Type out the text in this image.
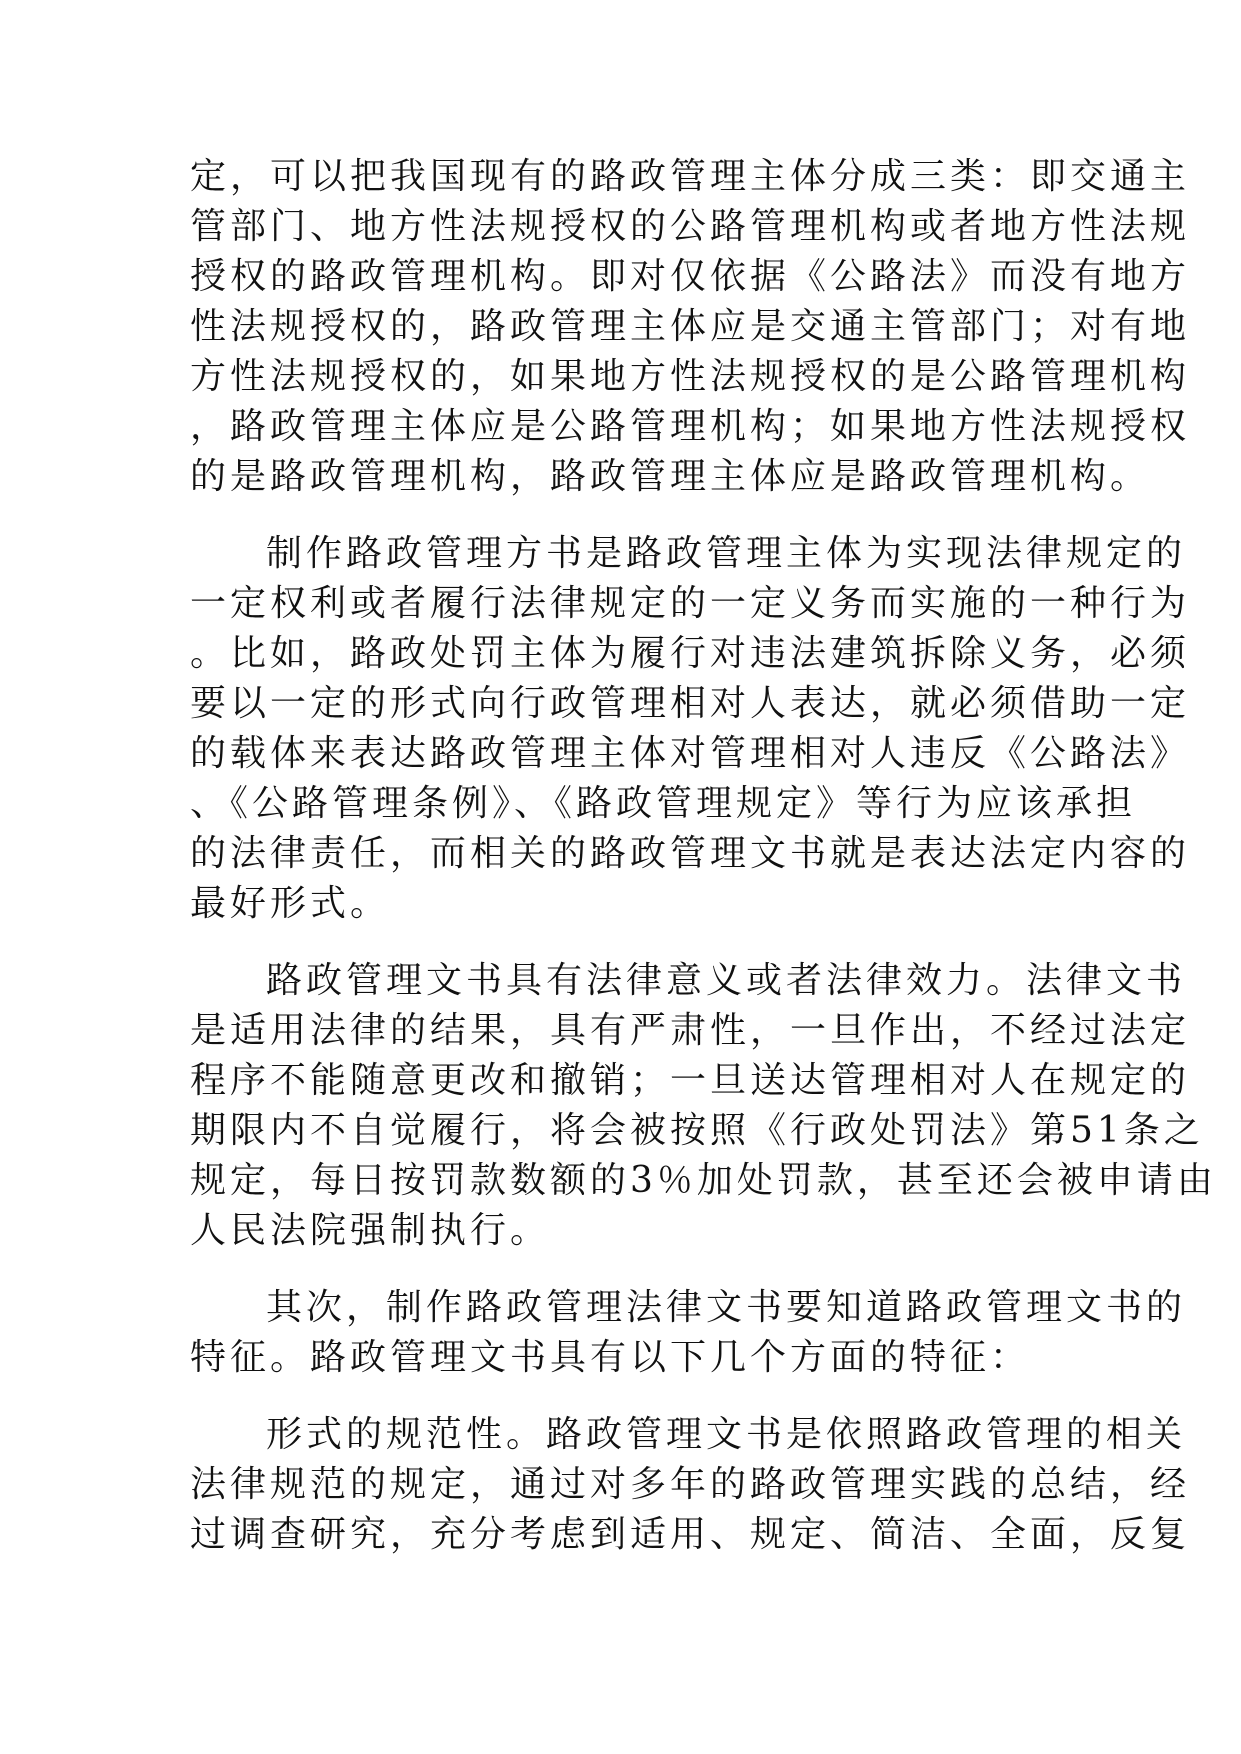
定，可以把我国现有的路政管理主体分成三类：即交通主
管部门、地方性法规授权的公路管理机构或者地方性法规
授权的路政管理机构。即对仅依据《公路法》而没有地方
性法规授权的，路政管理主体应是交通主管部门；对有地
方性法规授权的，如果地方性法规授权的是公路管理机构
，路政管理主体应是公路管理机构；如果地方性法规授权
的是路政管理机构，路政管理主体应是路政管理机构。
制作路政管理方书是路政管理主体为实现法律规定的
一定权利或者履行法律规定的一定义务而实施的一种行为
。比如，路政处罚主体为履行对违法建筑拆除义务，必须
要以一定的形式向行政管理相对人表达，就必须借助一定
的载体来表达路政管理主体对管理相对人违反《公路法》
、《公路管理条例》、《路政管理规定》等行为应该承担
的法律责任，而相关的路政管理文书就是表达法定内容的
最好形式。
路政管理文书具有法律意义或者法律效力。法律文书
是适用法律的结果，具有严肃性，一旦作出，不经过法定
程序不能随意更改和撤销；一旦送达管理相对人在规定的
期限内不自觉履行，将会被按照《行政处罚法》第51条之
规定，每日按罚款数额的3％加处罚款，甚至还会被申请由
人民法院强制执行。
其次，制作路政管理法律文书要知道路政管理文书的
特征。路政管理文书具有以下几个方面的特征：
形式的规范性。路政管理文书是依照路政管理的相关
法律规范的规定，通过对多年的路政管理实践的总结，经
过调查研究，充分考虑到适用、规定、简洁、全面，反复
